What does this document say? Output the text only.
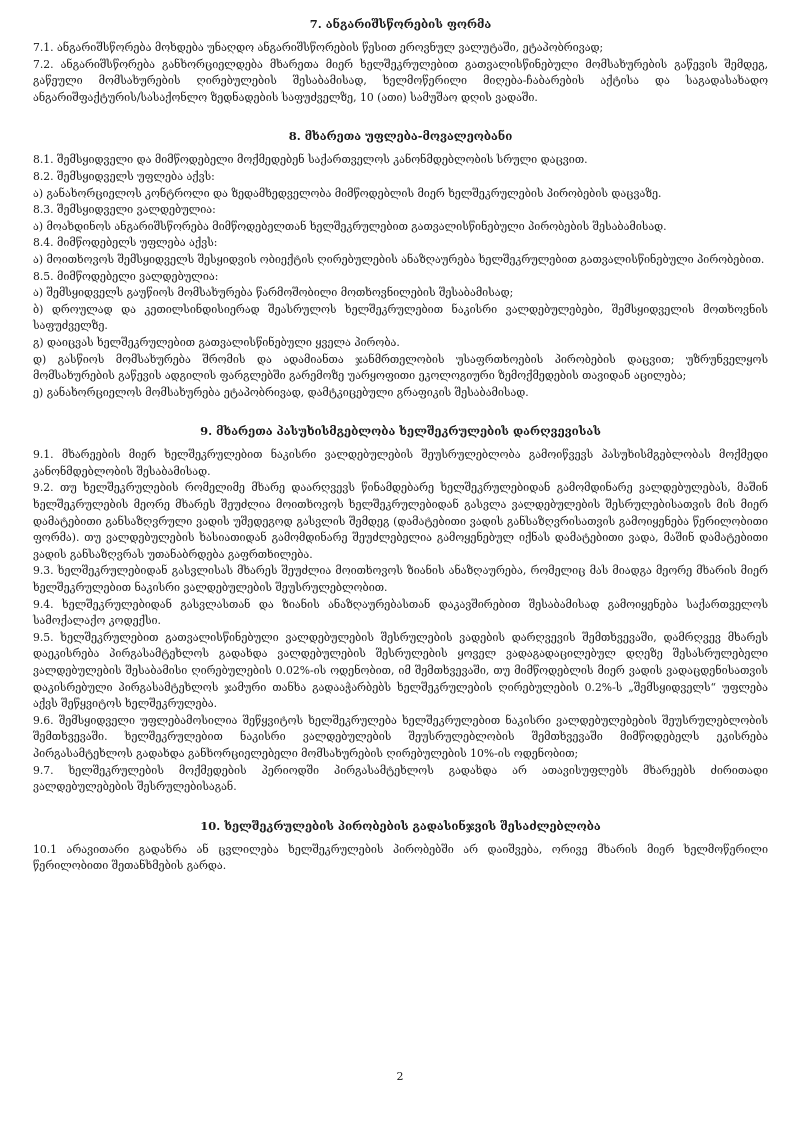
7. ანგარიშსწორების ფორმა

7.1. ანგარიშსწორება მოხდება უნაღდო ანგარიშსწორების წესით ეროვნულ ვალუტაში, ეტაპობრივად;

7.2. ანგარიშსწორება განხორციელდება მხარეთა მიერ ხელშეკრულებით გათვალისწინებული მომსახურების გაწევის შემდეგ, გაწეული მომსახურების ღირებულების შესაბამისად, ხელმოწერილი მიღება-ჩაბარების აქტისა და საგადასახადო ანგარიშფაქტურის/სასაქონლო ზედნადების საფუძველზე, 10 (ათი) სამუშაო დღის ვადაში.

8. მხარეთა უფლება-მოვალეობანი

8.1. შემსყიდველი და მიმწოდებელი მოქმედებენ საქართველოს კანონმდებლობის სრული დაცვით.

8.2. შემსყიდველს უფლება აქვს:

ა) განახორციელოს კონტროლი და ზედამხედველობა მიმწოდებლის მიერ ხელშეკრულების პირობების დაცვაზე.

8.3. შემსყიდველი ვალდებულია:

ა) მოახდინოს ანგარიშსწორება მიმწოდებელთან ხელშეკრულებით გათვალისწინებული პირობების შესაბამისად.

8.4. მიმწოდებელს უფლება აქვს:

ა) მოითხოვოს შემსყიდველს შესყიდვის ობიექტის ღირებულების ანაზღაურება ხელშეკრულებით გათვალისწინებული პირობებით.

8.5. მიმწოდებელი ვალდებულია:

ა) შემსყიდველს გაუწიოს მომსახურება წარმოშობილი მოთხოვნილების შესაბამისად;

ბ) დროულად და კეთილსინდისიერად შეასრულოს ხელშეკრულებით ნაკისრი ვალდებულებები, შემსყიდველის მოთხოვნის საფუძველზე.

გ) დაიცვას ხელშეკრულებით გათვალისწინებული ყველა პირობა.

დ) გასწიოს მომსახურება შრომის და ადამიანთა ჯანმრთელობის უსაფრთხოების პირობების დაცვით; უზრუნველყოს მომსახურების გაწევის ადგილის ფარგლებში გარემოზე უარყოფითი ეკოლოგიური ზემოქმედების თავიდან აცილება;

ე) განახორციელოს მომსახურება ეტაპობრივად, დამტკიცებული გრაფიკის შესაბამისად.

9. მხარეთა პასუხისმგებლობა ხელშეკრულების დარღვევისას

9.1. მხარეების მიერ ხელშეკრულებით ნაკისრი ვალდებულების შეუსრულებლობა გამოიწვევს პასუხისმგებლობას მოქმედი კანონმდებლობის შესაბამისად.

9.2. თუ ხელშეკრულების რომელიმე მხარე დაარღვევს წინამდებარე ხელშეკრულებიდან გამომდინარე ვალდებულებას, მაშინ ხელშეკრულების მეორე მხარეს შეუძლია მოითხოვოს ხელშეკრულებიდან გასვლა ვალდებულების შესრულებისათვის მის მიერ დამატებითი განსაზღვრული ვადის უშედეგოდ გასვლის შემდეგ (დამატებითი ვადის განსაზღვრისათვის გამოიყენება წერილობითი ფორმა). თუ ვალდებულების ხასიათიდან გამომდინარე შეუძლებელია გამოყენებულ იქნას დამატებითი ვადა, მაშინ დამატებითი ვადის განსაზღვრას უთანაბრდება გაფრთხილება.

9.3. ხელშეკრულებიდან გასვლისას მხარეს შეუძლია მოითხოვოს ზიანის ანაზღაურება, რომელიც მას მიადგა მეორე მხარის მიერ ხელშეკრულებით ნაკისრი ვალდებულების შეუსრულებლობით.

9.4. ხელშეკრულებიდან გასვლასთან და ზიანის ანაზღაურებასთან დაკავშირებით შესაბამისად გამოიყენება საქართველოს სამოქალაქო კოდექსი.

9.5. ხელშეკრულებით გათვალისწინებული ვალდებულების შესრულების ვადების დარღვევის შემთხვევაში, დამრღვევ მხარეს დაეკისრება პირგასამტეხლოს გადახდა ვალდებულების შესრულების ყოველ ვადაგადაცილებულ დღეზე შესასრულებელი ვალდებულების შესაბამისი ღირებულების 0.02%-ის ოდენობით, იმ შემთხვევაში, თუ მიმწოდებლის მიერ ვადის ვადაცდენისათვის დაკისრებული პირგასამტეხლოს ჯამური თანხა გადააჭარბებს ხელშეკრულების ღირებულების 0.2%-ს „შემსყიდველს“ უფლება აქვს შეწყვიტოს ხელშეკრულება.

9.6. შემსყიდველი უფლებამოსილია შეწყვიტოს ხელშეკრულება ხელშეკრულებით ნაკისრი ვალდებულებების შეუსრულებლობის შემთხვევაში. ხელშეკრულებით ნაკისრი ვალდებულების შეუსრულებლობის შემთხვევაში მიმწოდებელს ეკისრება პირგასამტეხლოს გადახდა განხორციელებელი მომსახურების ღირებულების 10%-ის ოდენობით;

9.7. ხელშეკრულების მოქმედების პერიოდში პირგასამტეხლოს გადახდა არ ათავისუფლებს მხარეებს ძირითადი ვალდებულებების შესრულებისაგან.

10. ხელშეკრულების პირობების გადასინჯვის შესაძლებლობა

10.1 არავითარი გადახრა ან ცვლილება ხელშეკრულების პირობებში არ დაიშვება, ორივე მხარის მიერ ხელმოწერილი წერილობითი შეთანხმების გარდა.

2
